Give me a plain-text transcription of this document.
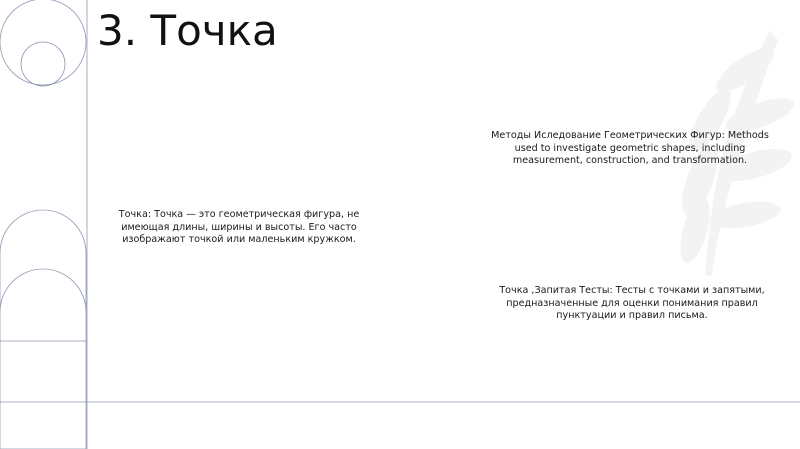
3. Точка
Методы Иследование Геометрических Фигур: Methods used to investigate geometric shapes, including measurement, construction, and transformation.
Точка: Точка — это геометрическая фигура, не имеющая длины, ширины и высоты. Его часто изображают точкой или маленьким кружком.
Точка ,Запитая Тесты: Тесты с точками и запятыми, предназначенные для оценки понимания правил пунктуации и правил письма.
